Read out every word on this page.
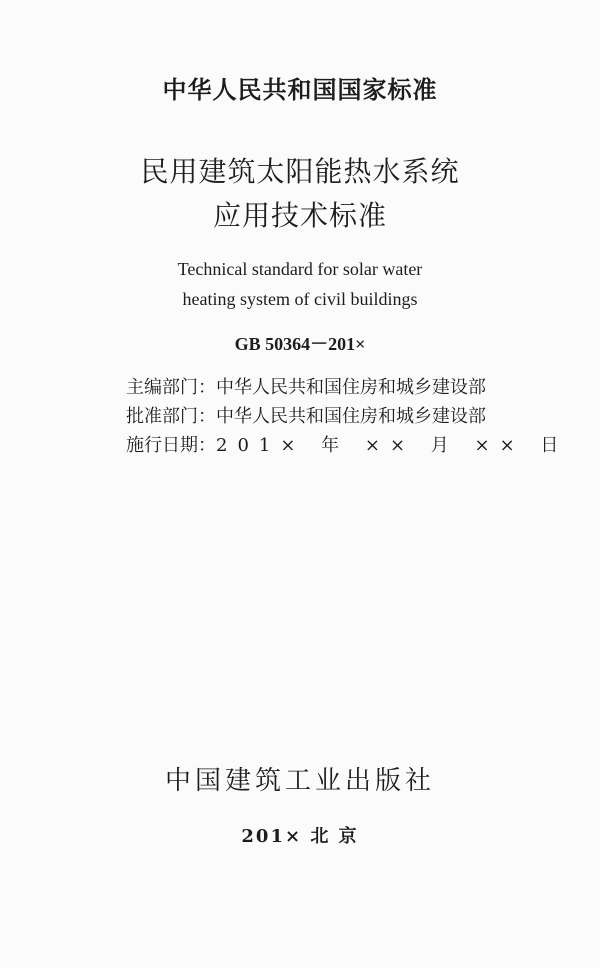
中华人民共和国国家标准
民用建筑太阳能热水系统
应用技术标准
Technical standard for solar water
heating system of civil buildings
GB 50364－201×
主编部门：中华人民共和国住房和城乡建设部
批准部门：中华人民共和国住房和城乡建设部
施行日期：201× 年 ×× 月 ×× 日
中国建筑工业出版社
201× 北 京
